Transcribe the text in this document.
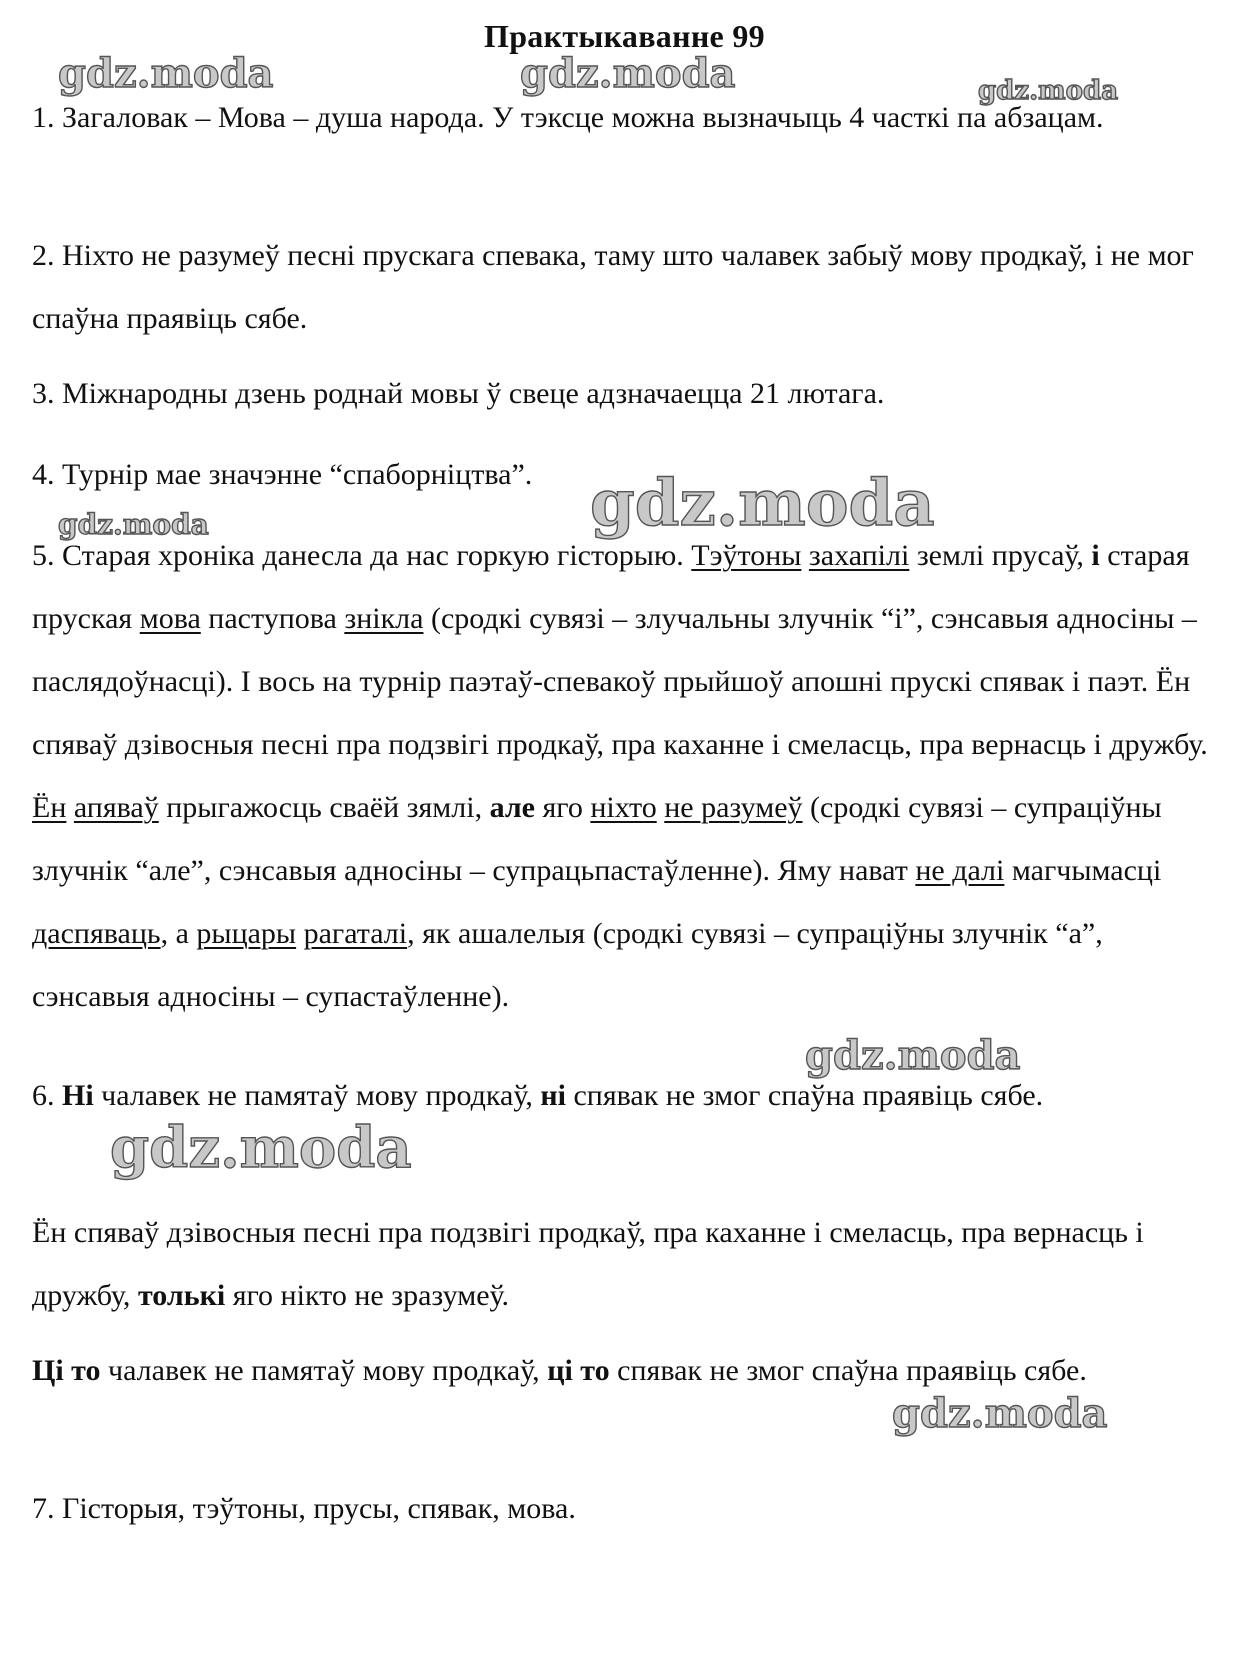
Практыкаванне 99
gdz.moda	gdz.moda	gdz.moda
gdz.moda
gdz.moda
gdz.moda
gdz.moda
gdz.moda
1. Загаловак – Мова – душа народа. У тэксце можна вызначыць 4 часткі па абзацам.
2. Ніхто не разумеў песні прускага спевака, таму што чалавек забыў мову продкаў, і не мог спаўна праявіць сябе.
3. Міжнародны дзень роднай мовы ў свеце адзначаецца 21 лютага.
4. Турнір мае значэнне “спаборніцтва”.
5. Старая хроніка данесла да нас горкую гісторыю. Тэўтоны захапілі землі прусаў, і старая пруская мова паступова знікла (сродкі сувязі – злучальны злучнік “і”, сэнсавыя адносіны – паслядоўнасці). І вось на турнір паэтаў-спевакоў прыйшоў апошні прускі спявак і паэт. Ён спяваў дзівосныя песні пра подзвігі продкаў, пра каханне і смеласць, пра вернасць і дружбу. Ён апяваў прыгажосць сваёй зямлі, але яго ніхто не разумеў (сродкі сувязі – супраціўны злучнік “але”, сэнсавыя адносіны – супрацьпастаўленне). Яму нават не далі магчымасці даспяваць, а рыцары рагаталі, як ашалелыя (сродкі сувязі – супраціўны злучнік “а”, сэнсавыя адносіны – супастаўленне).
6. Ні чалавек не памятаў мову продкаў, ні спявак не змог спаўна праявіць сябе.
Ён спяваў дзівосныя песні пра подзвігі продкаў, пра каханне і смеласць, пра вернасць і дружбу, толькі яго нікто не зразумеў.
Ці то чалавек не памятаў мову продкаў, ці то спявак не змог спаўна праявіць сябе.
7. Гісторыя, тэўтоны, прусы, спявак, мова.
